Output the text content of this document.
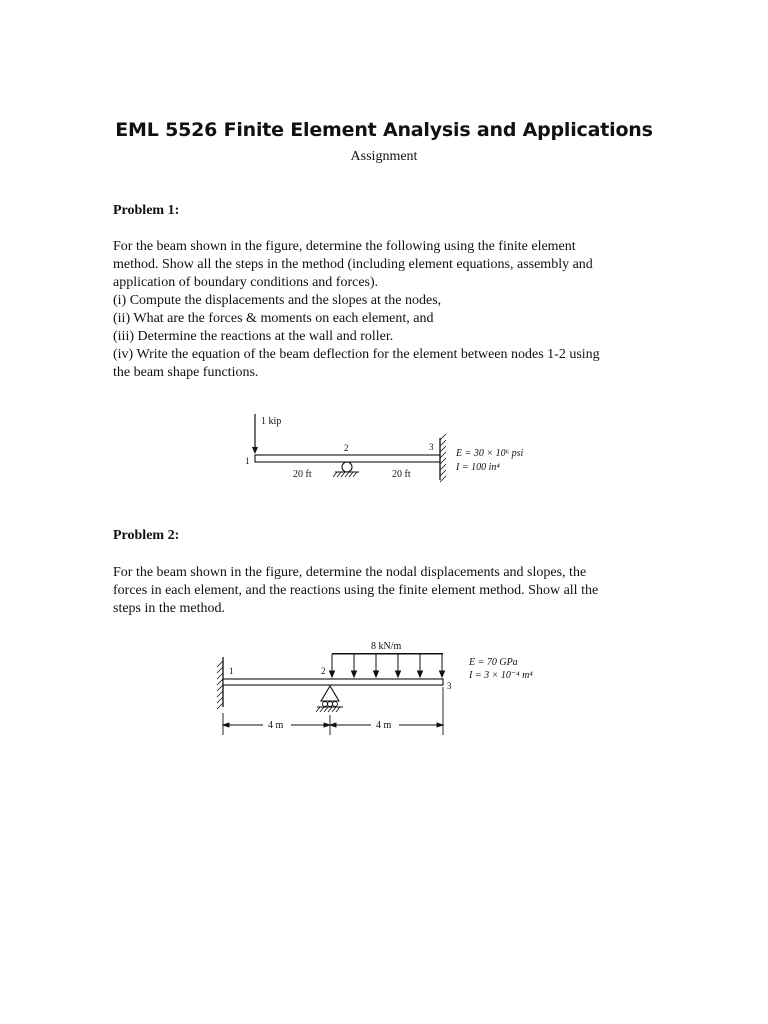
EML 5526 Finite Element Analysis and Applications
Assignment
Problem 1:
For the beam shown in the figure, determine the following using the finite element
method. Show all the steps in the method (including element equations, assembly and
application of boundary conditions and forces).
(i) Compute the displacements and the slopes at the nodes,
(ii) What are the forces & moments on each element, and
(iii) Determine the reactions at the wall and roller.
(iv) Write the equation of the beam deflection for the element between nodes 1-2 using
the beam shape functions.
1 kip
1
2	3
20 ft	20 ft
E = 30 × 10⁶ psi
I = 100 in⁴
Problem 2:
For the beam shown in the figure, determine the nodal displacements and slopes, the
forces in each element, and the reactions using the finite element method. Show all the
steps in the method.
1	2
3
8 kN/m
4 m	4 m
E = 70 GPa
I = 3 × 10⁻⁴ m⁴
